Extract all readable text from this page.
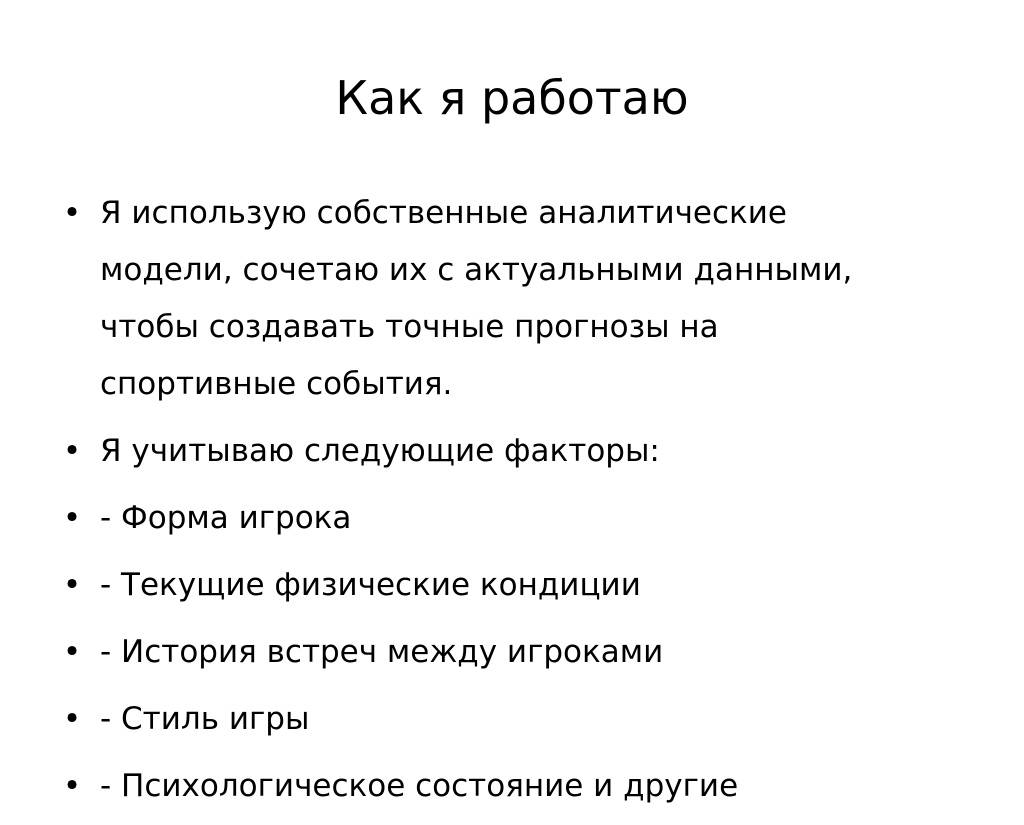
Как я работаю
• Я использую собственные аналитические модели, сочетаю их с актуальными данными, чтобы создавать точные прогнозы на спортивные события.
• Я учитываю следующие факторы:
• - Форма игрока
• - Текущие физические кондиции
• - История встреч между игроками
• - Стиль игры
• - Психологическое состояние и другие
